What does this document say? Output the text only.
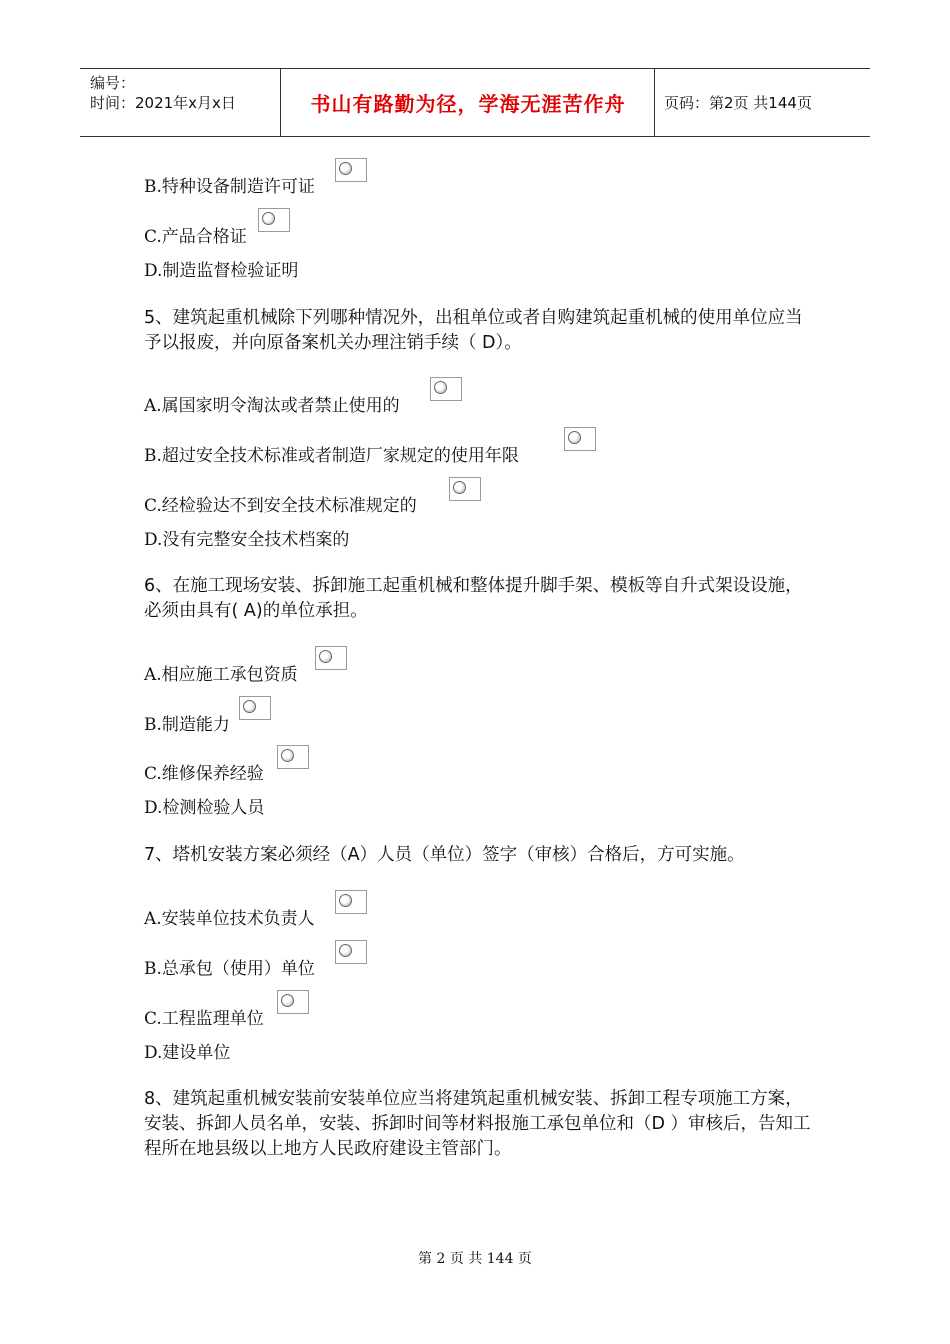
编号：
时间：2021年x月x日	书山有路勤为径，学海无涯苦作舟	页码：第2页 共144页
B.特种设备制造许可证
C.产品合格证
D.制造监督检验证明
5、建筑起重机械除下列哪种情况外，出租单位或者自购建筑起重机械的使用单位应当予以报废，并向原备案机关办理注销手续（ D）。
A.属国家明令淘汰或者禁止使用的
B.超过安全技术标准或者制造厂家规定的使用年限
C.经检验达不到安全技术标准规定的
D.没有完整安全技术档案的
6、在施工现场安装、拆卸施工起重机械和整体提升脚手架、模板等自升式架设设施，必须由具有( A)的单位承担。
A.相应施工承包资质
B.制造能力
C.维修保养经验
D.检测检验人员
7、塔机安装方案必须经（A）人员（单位）签字（审核）合格后，方可实施。
A.安装单位技术负责人
B.总承包（使用）单位
C.工程监理单位
D.建设单位
8、建筑起重机械安装前安装单位应当将建筑起重机械安装、拆卸工程专项施工方案，安装、拆卸人员名单，安装、拆卸时间等材料报施工承包单位和（D ）审核后，告知工程所在地县级以上地方人民政府建设主管部门。
第 2 页 共 144 页
